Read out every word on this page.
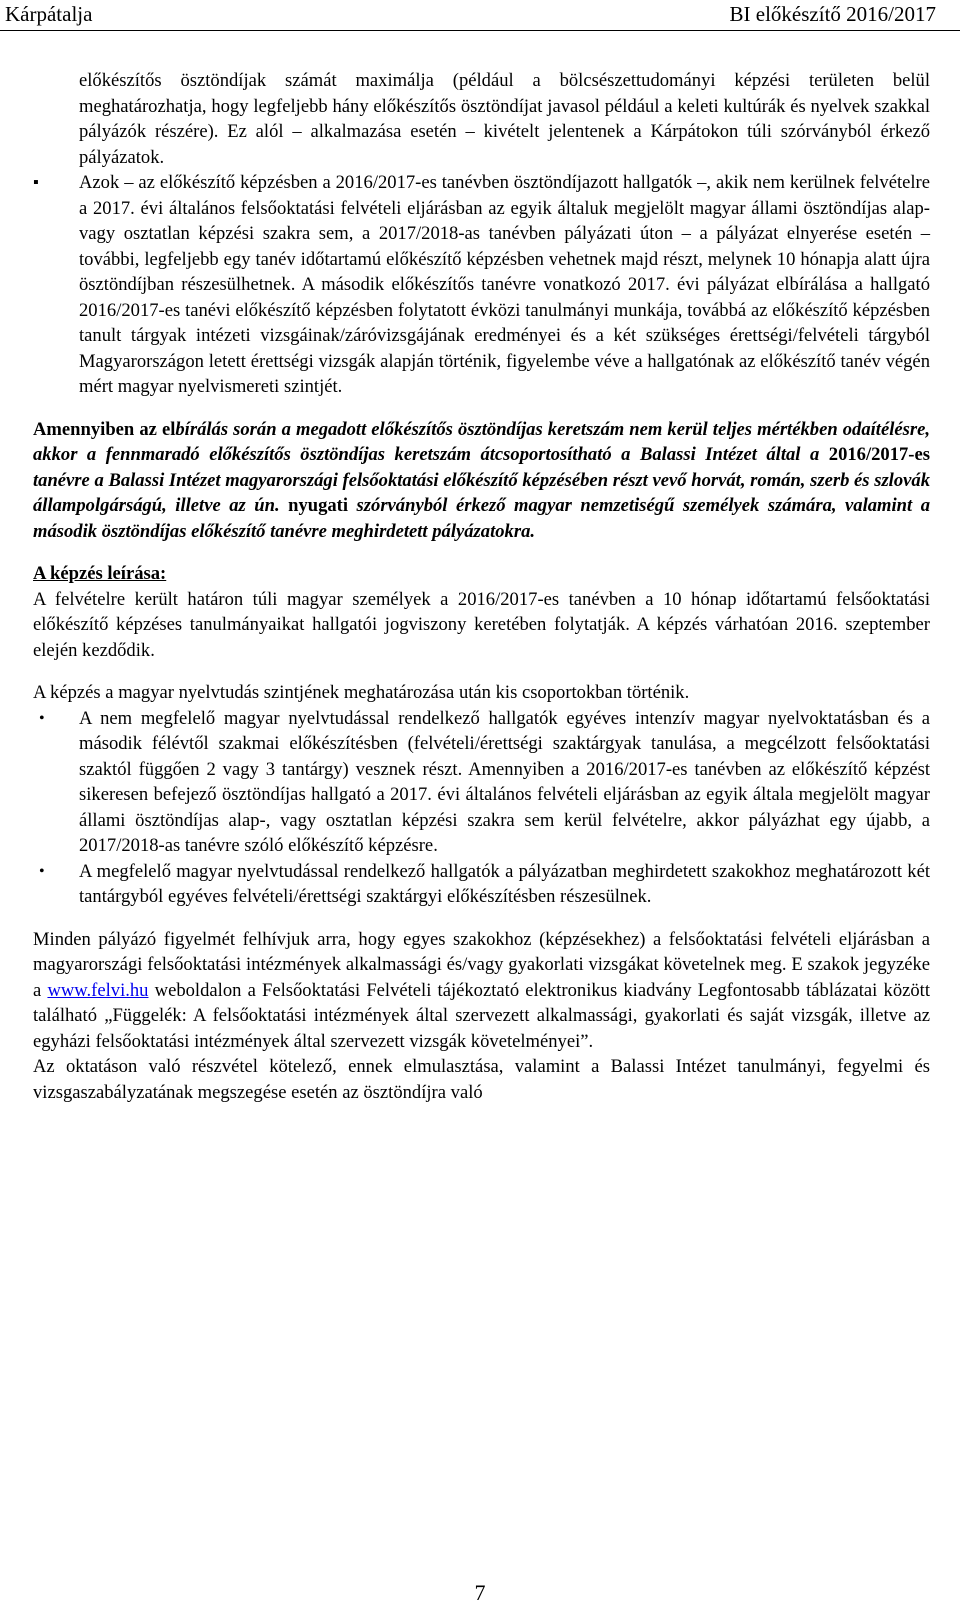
Kárpátalja	BI előkészítő 2016/2017

előkészítős ösztöndíjak számát maximálja (például a bölcsészettudományi képzési területen belül meghatározhatja, hogy legfeljebb hány előkészítős ösztöndíjat javasol például a keleti kultúrák és nyelvek szakkal pályázók részére). Ez alól – alkalmazása esetén – kivételt jelentenek a Kárpátokon túli szórványból érkező pályázatok.

▪ Azok – az előkészítő képzésben a 2016/2017-es tanévben ösztöndíjazott hallgatók –, akik nem kerülnek felvételre a 2017. évi általános felsőoktatási felvételi eljárásban az egyik általuk megjelölt magyar állami ösztöndíjas alap- vagy osztatlan képzési szakra sem, a 2017/2018-as tanévben pályázati úton – a pályázat elnyerése esetén – további, legfeljebb egy tanév időtartamú előkészítő képzésben vehetnek majd részt, melynek 10 hónapja alatt újra ösztöndíjban részesülhetnek. A második előkészítős tanévre vonatkozó 2017. évi pályázat elbírálása a hallgató 2016/2017-es tanévi előkészítő képzésben folytatott évközi tanulmányi munkája, továbbá az előkészítő képzésben tanult tárgyak intézeti vizsgáinak/záróvizsgájának eredményei és a két szükséges érettségi/felvételi tárgyból Magyarországon letett érettségi vizsgák alapján történik, figyelembe véve a hallgatónak az előkészítő tanév végén mért magyar nyelvismereti szintjét.

Amennyiben az elbírálás során a megadott előkészítős ösztöndíjas keretszám nem kerül teljes mértékben odaítélésre, akkor a fennmaradó előkészítős ösztöndíjas keretszám átcsoportosítható a Balassi Intézet által a 2016/2017-es tanévre a Balassi Intézet magyarországi felsőoktatási előkészítő képzésében részt vevő horvát, román, szerb és szlovák állampolgárságú, illetve az ún. nyugati szórványból érkező magyar nemzetiségű személyek számára, valamint a második ösztöndíjas előkészítő tanévre meghirdetett pályázatokra.

A képzés leírása:

A felvételre került határon túli magyar személyek a 2016/2017-es tanévben a 10 hónap időtartamú felsőoktatási előkészítő képzéses tanulmányaikat hallgatói jogviszony keretében folytatják. A képzés várhatóan 2016. szeptember elején kezdődik.

A képzés a magyar nyelvtudás szintjének meghatározása után kis csoportokban történik.

• A nem megfelelő magyar nyelvtudással rendelkező hallgatók egyéves intenzív magyar nyelvoktatásban és a második félévtől szakmai előkészítésben (felvételi/érettségi szaktárgyak tanulása, a megcélzott felsőoktatási szaktól függően 2 vagy 3 tantárgy) vesznek részt. Amennyiben a 2016/2017-es tanévben az előkészítő képzést sikeresen befejező ösztöndíjas hallgató a 2017. évi általános felvételi eljárásban az egyik általa megjelölt magyar állami ösztöndíjas alap-, vagy osztatlan képzési szakra sem kerül felvételre, akkor pályázhat egy újabb, a 2017/2018-as tanévre szóló előkészítő képzésre.

• A megfelelő magyar nyelvtudással rendelkező hallgatók a pályázatban meghirdetett szakokhoz meghatározott két tantárgyból egyéves felvételi/érettségi szaktárgyi előkészítésben részesülnek.

Minden pályázó figyelmét felhívjuk arra, hogy egyes szakokhoz (képzésekhez) a felsőoktatási felvételi eljárásban a magyarországi felsőoktatási intézmények alkalmassági és/vagy gyakorlati vizsgákat követelnek meg. E szakok jegyzéke a www.felvi.hu weboldalon a Felsőoktatási Felvételi tájékoztató elektronikus kiadvány Legfontosabb táblázatai között található „Függelék: A felsőoktatási intézmények által szervezett alkalmassági, gyakorlati és saját vizsgák, illetve az egyházi felsőoktatási intézmények által szervezett vizsgák követelményei”.

Az oktatáson való részvétel kötelező, ennek elmulasztása, valamint a Balassi Intézet tanulmányi, fegyelmi és vizsgaszabályzatának megszegése esetén az ösztöndíjra való

7
